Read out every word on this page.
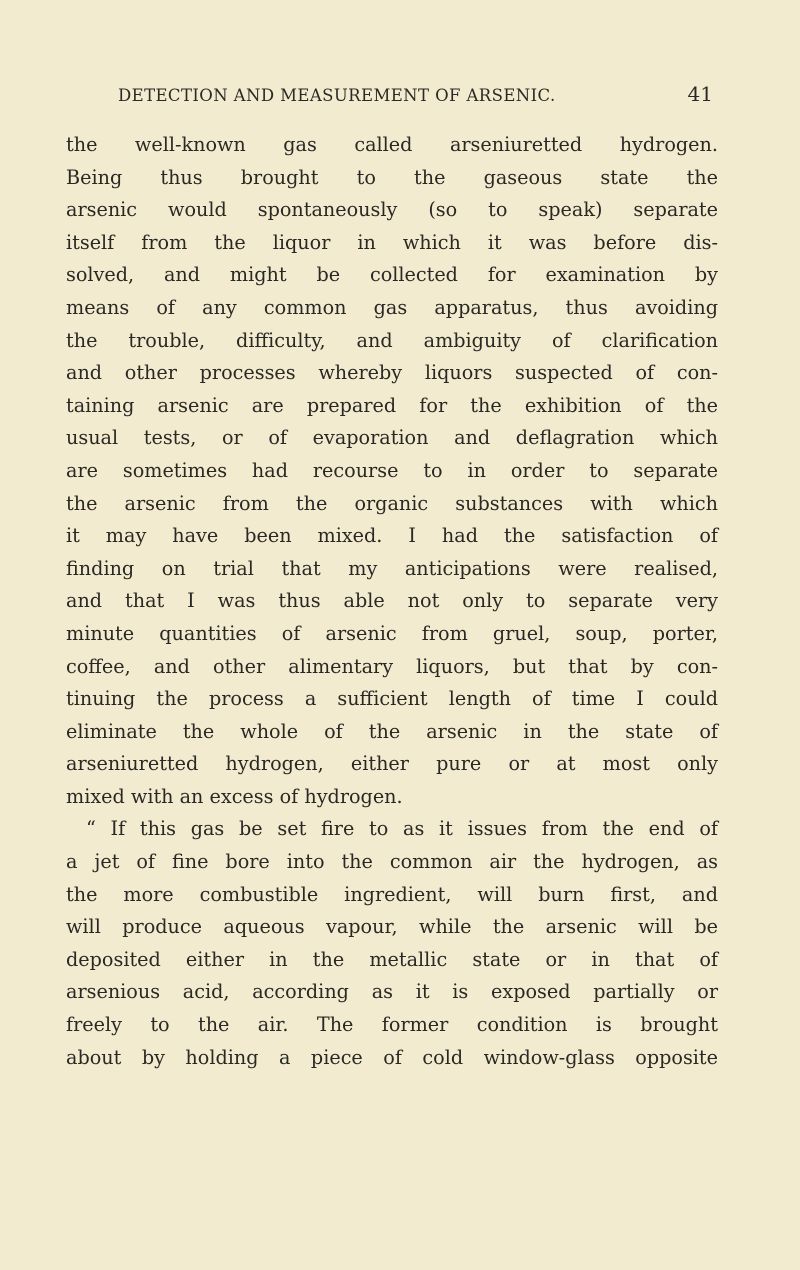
DETECTION AND MEASUREMENT OF ARSENIC.	41
the well-known gas called arseniuretted hydrogen.
Being thus brought to the gaseous state the
arsenic would spontaneously (so to speak) separate
itself from the liquor in which it was before dis-
solved, and might be collected for examination by
means of any common gas apparatus, thus avoiding
the trouble, difficulty, and ambiguity of clarification
and other processes whereby liquors suspected of con-
taining arsenic are prepared for the exhibition of the
usual tests, or of evaporation and deflagration which
are sometimes had recourse to in order to separate
the arsenic from the organic substances with which
it may have been mixed. I had the satisfaction of
finding on trial that my anticipations were realised,
and that I was thus able not only to separate very
minute quantities of arsenic from gruel, soup, porter,
coffee, and other alimentary liquors, but that by con-
tinuing the process a sufficient length of time I could
eliminate the whole of the arsenic in the state of
arseniuretted hydrogen, either pure or at most only
mixed with an excess of hydrogen.
“ If this gas be set fire to as it issues from the end of
a jet of fine bore into the common air the hydrogen, as
the more combustible ingredient, will burn first, and
will produce aqueous vapour, while the arsenic will be
deposited either in the metallic state or in that of
arsenious acid, according as it is exposed partially or
freely to the air. The former condition is brought
about by holding a piece of cold window-glass opposite
